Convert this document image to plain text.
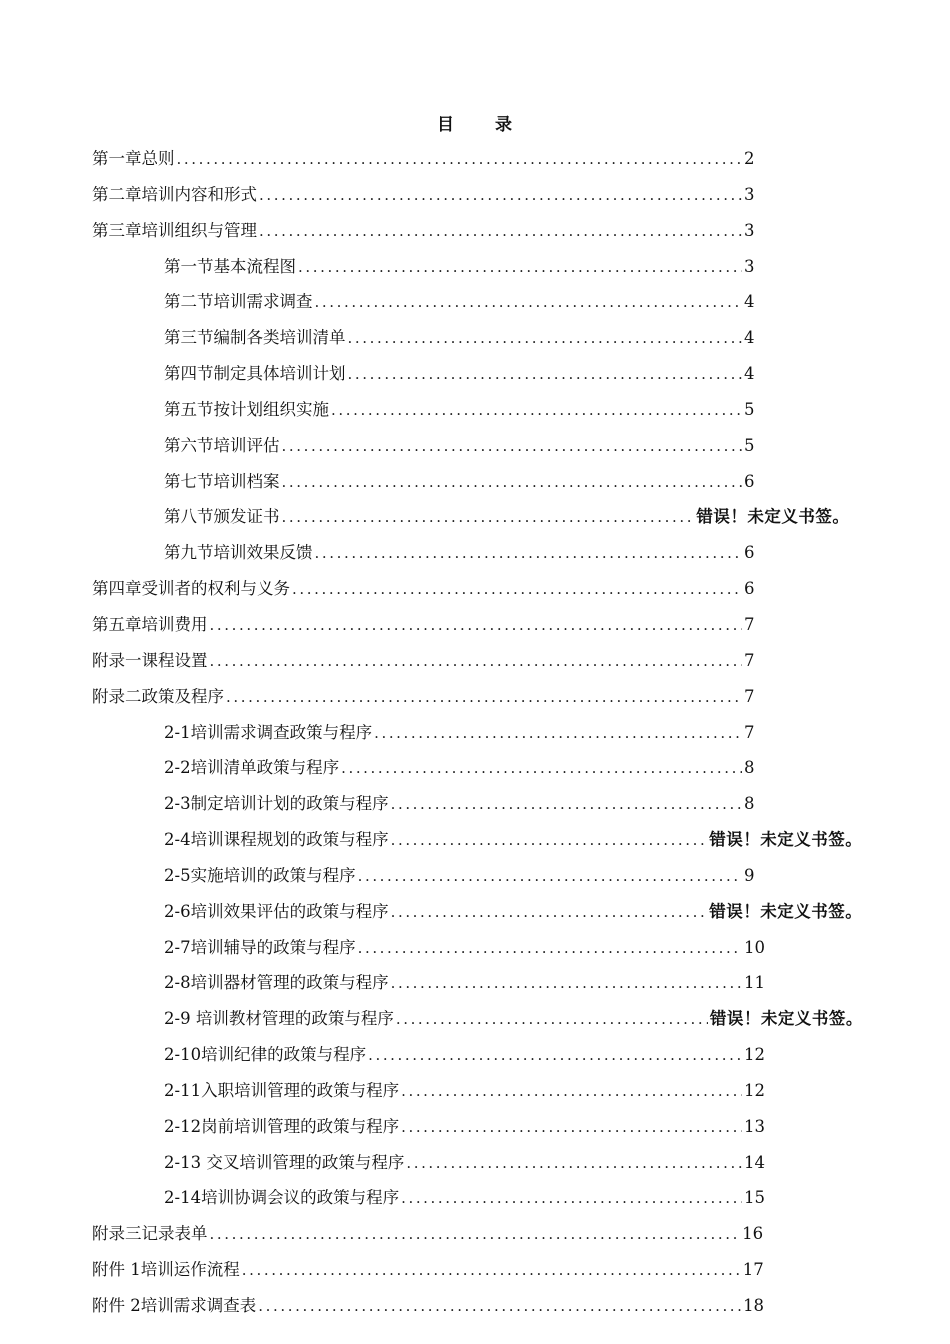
目 录
第一章 总则 .....	2
第二章 培训内容和形式 .....	3
第三章 培训组织与管理 .....	3
第一节 基本流程图 .....	3
第二节 培训需求调查 .....	4
第三节 编制各类培训清单 .....	4
第四节 制定具体培训计划 .....	4
第五节 按计划组织实施 .....	5
第六节 培训评估 .....	5
第七节 培训档案 .....	6
第八节 颁发证书 .....	错误！未定义书签。
第九节 培训效果反馈 .....	6
第四章 受训者的权利与义务 .....	6
第五章 培训费用 .....	7
附录一 课程设置 .....	7
附录二 政策及程序 .....	7
2-1培训需求调查政策与程序 .....	7
2-2培训清单政策与程序 .....	8
2-3制定培训计划的政策与程序 .....	8
2-4培训课程规划的政策与程序 .....	错误！未定义书签。
2-5实施培训的政策与程序 .....	9
2-6培训效果评估的政策与程序 .....	错误！未定义书签。
2-7培训辅导的政策与程序 .....	10
2-8培训器材管理的政策与程序 .....	11
2-9 培训教材管理的政策与程序 .....	错误！未定义书签。
2-10培训纪律的政策与程序 .....	12
2-11入职培训管理的政策与程序 .....	12
2-12岗前培训管理的政策与程序 .....	13
2-13 交叉培训管理的政策与程序 .....	14
2-14培训协调会议的政策与程序 .....	15
附录三 记录表单 .....	16
附件 1 培训运作流程 .....	17
附件 2 培训需求调查表 .....	18
